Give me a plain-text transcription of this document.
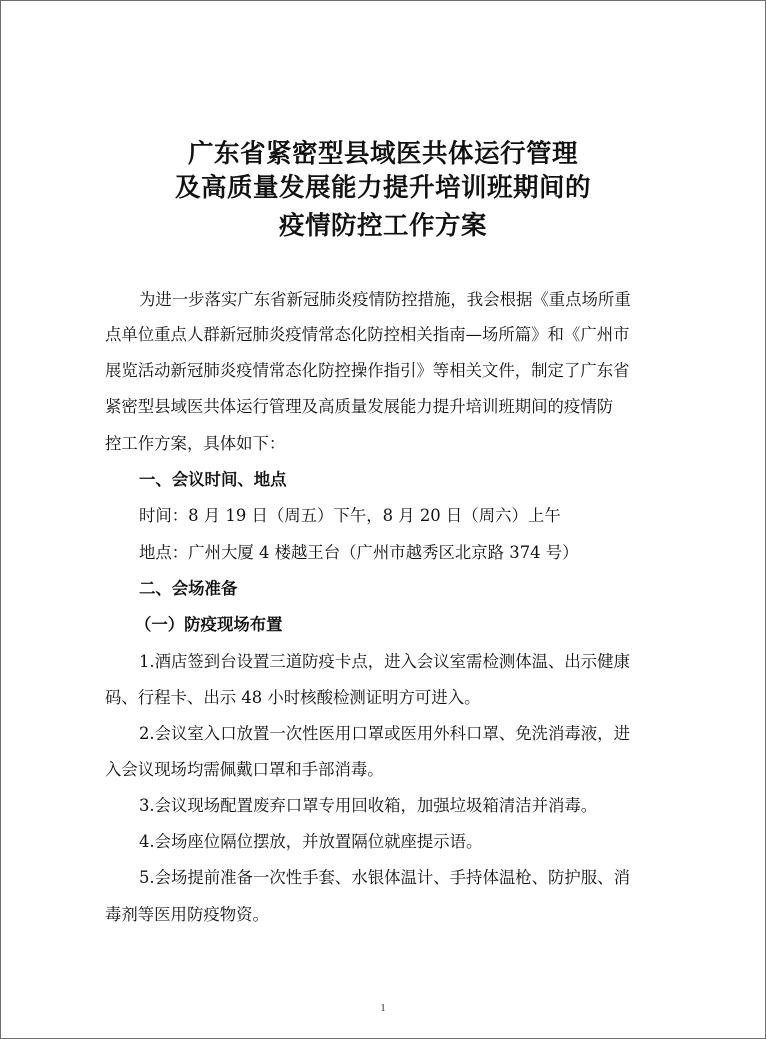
广东省紧密型县域医共体运行管理
及高质量发展能力提升培训班期间的
疫情防控工作方案
为进一步落实广东省新冠肺炎疫情防控措施，我会根据《重点场所重
点单位重点人群新冠肺炎疫情常态化防控相关指南—场所篇》和《广州市
展览活动新冠肺炎疫情常态化防控操作指引》等相关文件，制定了广东省
紧密型县域医共体运行管理及高质量发展能力提升培训班期间的疫情防
控工作方案，具体如下：
一、会议时间、地点
时间：8 月 19 日（周五）下午，8 月 20 日（周六）上午
地点：广州大厦 4 楼越王台（广州市越秀区北京路 374 号）
二、会场准备
（一）防疫现场布置
1.酒店签到台设置三道防疫卡点，进入会议室需检测体温、出示健康
码、行程卡、出示 48 小时核酸检测证明方可进入。
2.会议室入口放置一次性医用口罩或医用外科口罩、免洗消毒液，进
入会议现场均需佩戴口罩和手部消毒。
3.会议现场配置废弃口罩专用回收箱，加强垃圾箱清洁并消毒。
4.会场座位隔位摆放，并放置隔位就座提示语。
5.会场提前准备一次性手套、水银体温计、手持体温枪、防护服、消
毒剂等医用防疫物资。
1
